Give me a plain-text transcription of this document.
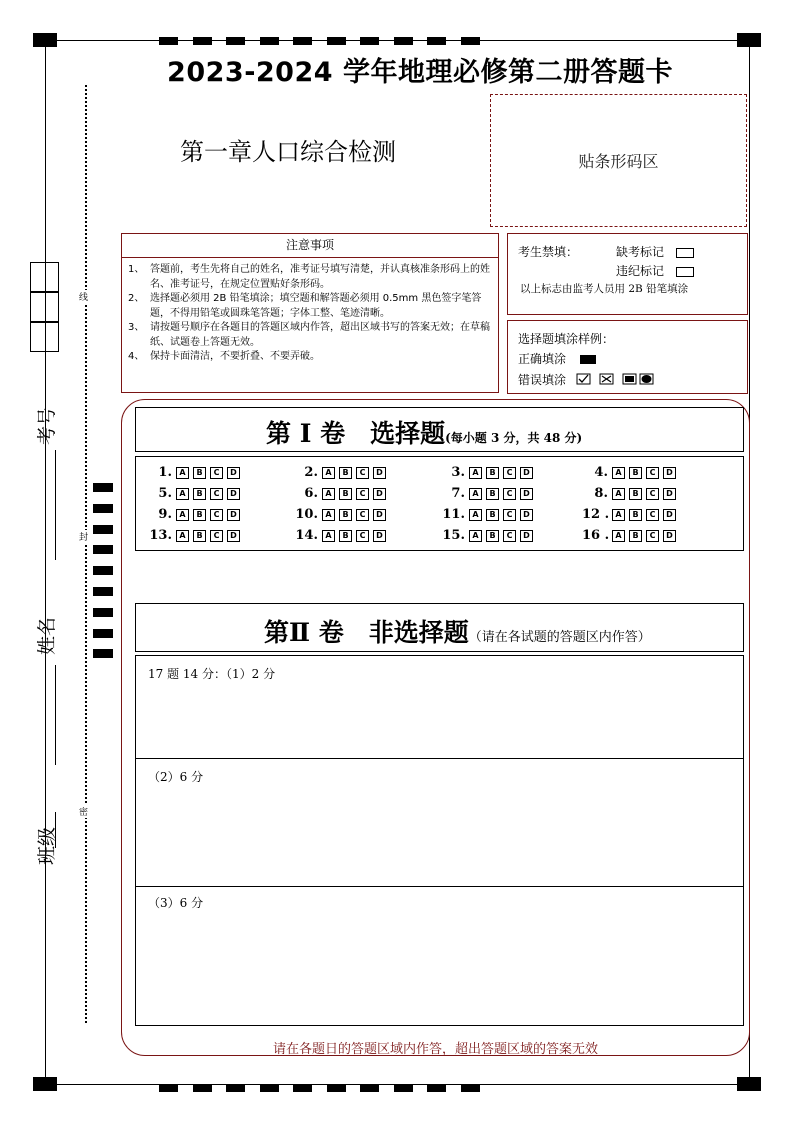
2023-2024 学年地理必修第二册答题卡
第一章人口综合检测	贴条形码区
注意事项
1、 答题前，考生先将自己的姓名，准考证号填写清楚，并认真核准条形码上的姓名、准考证号，在规定位置贴好条形码。
2、 选择题必须用 2B 铅笔填涂；填空题和解答题必须用 0.5mm 黑色签字笔答题，不得用铅笔或圆珠笔答题；字体工整、笔迹清晰。
3、 请按题号顺序在各题目的答题区域内作答，超出区域书写的答案无效；在草稿纸、试题卷上答题无效。
4、 保持卡面清洁，不要折叠、不要弄破。
考生禁填：	缺考标记
违纪标记
以上标志由监考人员用 2B 铅笔填涂
选择题填涂样例：
正确填涂
错误填涂
考号
姓名
班级
线
封
密
第 I 卷　选择题(每小题 3 分，共 48 分)
1. A B C D	2. A B C D	3. A B C D	4. A B C D
5. A B C D	6. A B C D	7. A B C D	8. A B C D
9. A B C D	10. A B C D	11. A B C D	12 . A B C D
13. A B C D	14. A B C D	15. A B C D	16 . A B C D
第Ⅱ 卷　非选择题（请在各试题的答题区内作答）
17 题 14 分：（1）2 分
（2）6 分
（3）6 分
请在各题日的答题区域内作答，超出答题区域的答案无效
